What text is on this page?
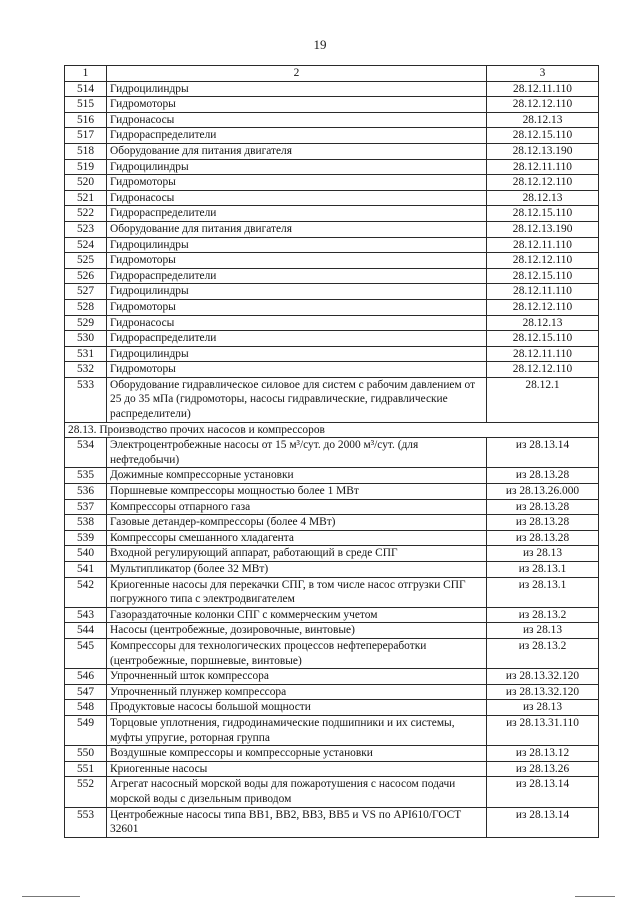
19
1	2	3
514	Гидроцилиндры	28.12.11.110
515	Гидромоторы	28.12.12.110
516	Гидронасосы	28.12.13
517	Гидрораспределители	28.12.15.110
518	Оборудование для питания двигателя	28.12.13.190
519	Гидроцилиндры	28.12.11.110
520	Гидромоторы	28.12.12.110
521	Гидронасосы	28.12.13
522	Гидрораспределители	28.12.15.110
523	Оборудование для питания двигателя	28.12.13.190
524	Гидроцилиндры	28.12.11.110
525	Гидромоторы	28.12.12.110
526	Гидрораспределители	28.12.15.110
527	Гидроцилиндры	28.12.11.110
528	Гидромоторы	28.12.12.110
529	Гидронасосы	28.12.13
530	Гидрораспределители	28.12.15.110
531	Гидроцилиндры	28.12.11.110
532	Гидромоторы	28.12.12.110
533	Оборудование гидравлическое силовое для систем с рабочим давлением от 25 до 35 мПа (гидромоторы, насосы гидравлические, гидравлические распределители)	28.12.1
28.13. Производство прочих насосов и компрессоров		
534	Электроцентробежные насосы от 15 м³/сут. до 2000 м³/сут. (для нефтедобычи)	из 28.13.14
535	Дожимные компрессорные установки	из 28.13.28
536	Поршневые компрессоры мощностью более 1 МВт	из 28.13.26.000
537	Компрессоры отпарного газа	из 28.13.28
538	Газовые детандер-компрессоры (более 4 МВт)	из 28.13.28
539	Компрессоры смешанного хладагента	из 28.13.28
540	Входной регулирующий аппарат, работающий в среде СПГ	из 28.13
541	Мультипликатор (более 32 МВт)	из 28.13.1
542	Криогенные насосы для перекачки СПГ, в том числе насос отгрузки СПГ погружного типа с электродвигателем	из 28.13.1
543	Газораздаточные колонки СПГ с коммерческим учетом	из 28.13.2
544	Насосы (центробежные, дозировочные, винтовые)	из 28.13
545	Компрессоры для технологических процессов нефтепереработки (центробежные, поршневые, винтовые)	из 28.13.2
546	Упрочненный шток компрессора	из 28.13.32.120
547	Упрочненный плунжер компрессора	из 28.13.32.120
548	Продуктовые насосы большой мощности	из 28.13
549	Торцовые уплотнения, гидродинамические подшипники и их системы, муфты упругие, роторная группа	из 28.13.31.110
550	Воздушные компрессоры и компрессорные установки	из 28.13.12
551	Криогенные насосы	из 28.13.26
552	Агрегат насосный морской воды для пожаротушения с насосом подачи морской воды с дизельным приводом	из 28.13.14
553	Центробежные насосы типа ВВ1, ВВ2, ВВ3, ВВ5 и VS по API610/ГОСТ 32601	из 28.13.14
